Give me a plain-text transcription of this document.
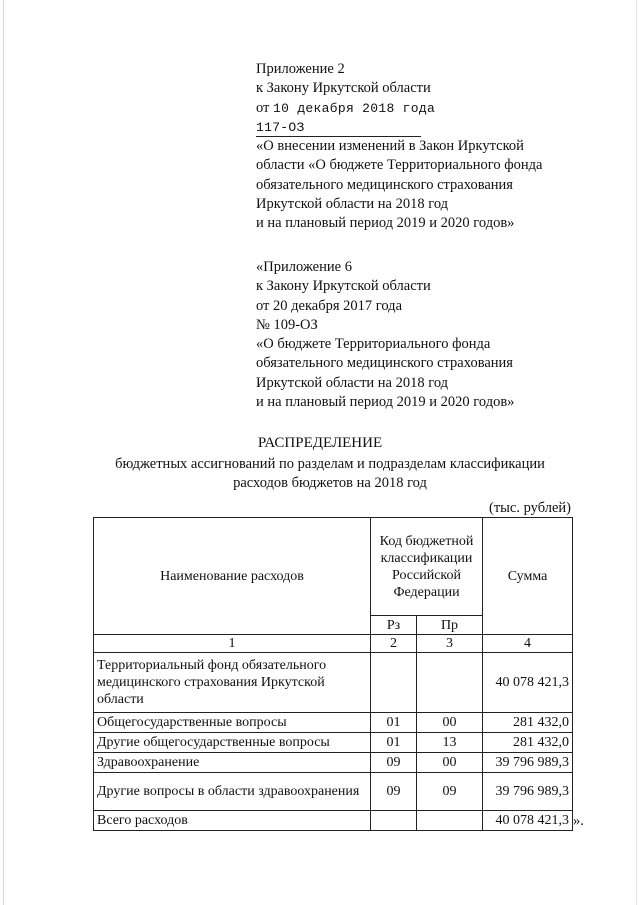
Приложение 2
к Закону Иркутской области
от 10 декабря 2018 года
117-ОЗ
«О внесении изменений в Закон Иркутской
области «О бюджете Территориального фонда
обязательного медицинского страхования
Иркутской области на 2018 год
и на плановый период 2019 и 2020 годов»
«Приложение 6
к Закону Иркутской области
от 20 декабря 2017 года
№ 109-ОЗ
«О бюджете Территориального фонда
обязательного медицинского страхования
Иркутской области на 2018 год
и на плановый период 2019 и 2020 годов»
РАСПРЕДЕЛЕНИЕ
бюджетных ассигнований по разделам и подразделам классификации
расходов бюджетов на 2018 год
(тыс. рублей)
Наименование расходов	Код бюджетной классификации Российской Федерации		Сумма
	Рз	Пр	
1	2	3	4
Территориальный фонд обязательного медицинского страхования Иркутской области			40 078 421,3
Общегосударственные вопросы	01	00	281 432,0
Другие общегосударственные вопросы	01	13	281 432,0
Здравоохранение	09	00	39 796 989,3
Другие вопросы в области здравоохранения	09	09	39 796 989,3
Всего расходов			40 078 421,3 ».
